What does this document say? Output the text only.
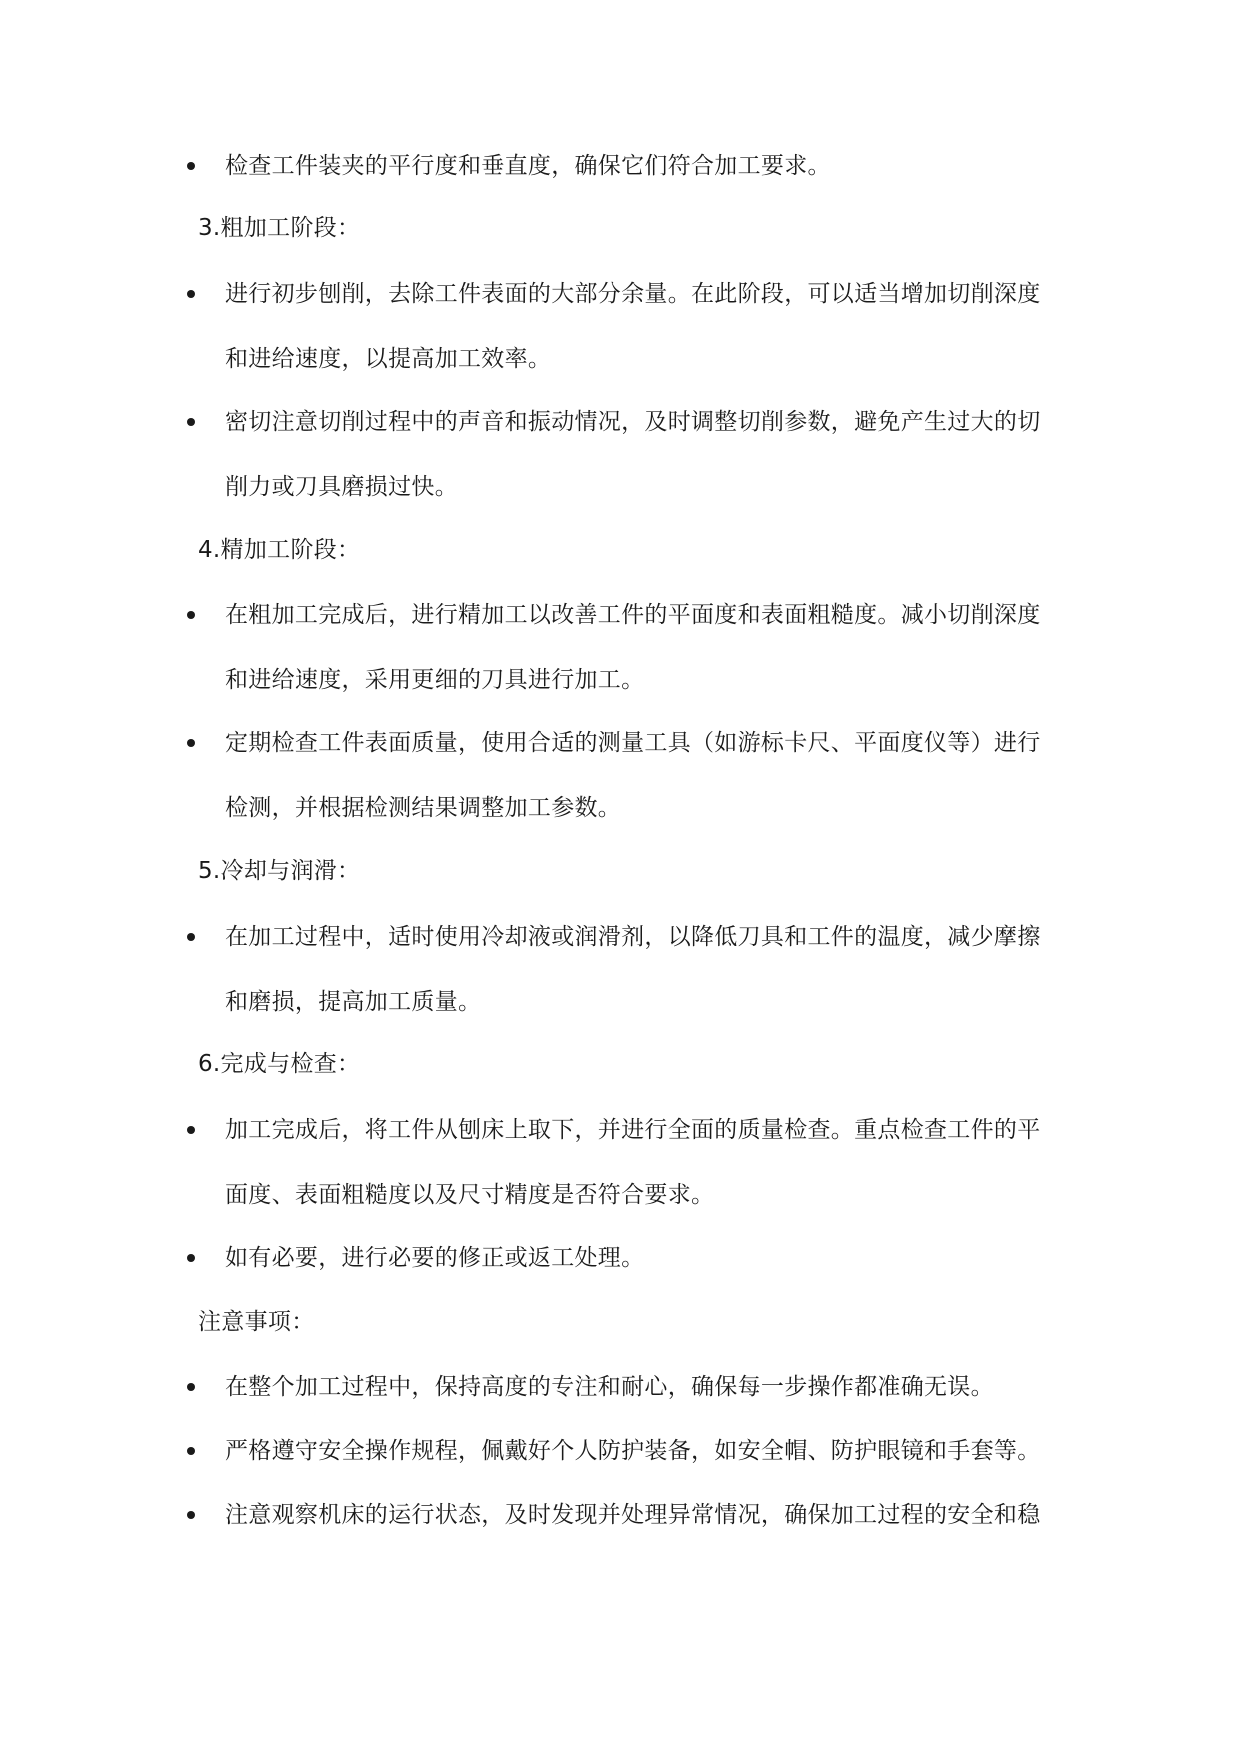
检查工件装夹的平行度和垂直度，确保它们符合加工要求。
3.粗加工阶段：
进行初步刨削，去除工件表面的大部分余量。在此阶段，可以适当增加切削深度
和进给速度，以提高加工效率。
密切注意切削过程中的声音和振动情况，及时调整切削参数，避免产生过大的切
削力或刀具磨损过快。
4.精加工阶段：
在粗加工完成后，进行精加工以改善工件的平面度和表面粗糙度。减小切削深度
和进给速度，采用更细的刀具进行加工。
定期检查工件表面质量，使用合适的测量工具（如游标卡尺、平面度仪等）进行
检测，并根据检测结果调整加工参数。
5.冷却与润滑：
在加工过程中，适时使用冷却液或润滑剂，以降低刀具和工件的温度，减少摩擦
和磨损，提高加工质量。
6.完成与检查：
加工完成后，将工件从刨床上取下，并进行全面的质量检查。重点检查工件的平
面度、表面粗糙度以及尺寸精度是否符合要求。
如有必要，进行必要的修正或返工处理。
注意事项：
在整个加工过程中，保持高度的专注和耐心，确保每一步操作都准确无误。
严格遵守安全操作规程，佩戴好个人防护装备，如安全帽、防护眼镜和手套等。
注意观察机床的运行状态，及时发现并处理异常情况，确保加工过程的安全和稳
